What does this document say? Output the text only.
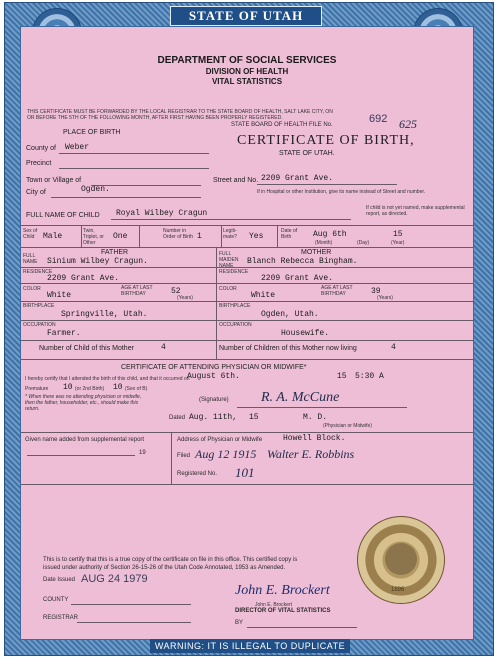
STATE OF UTAH
DEPARTMENT OF SOCIAL SERVICES
DIVISION OF HEALTH
VITAL STATISTICS
THIS CERTIFICATE MUST BE FORWARDED BY THE LOCAL REGISTRAR TO THE STATE BOARD OF HEALTH, SALT LAKE CITY, ON
OR BEFORE THE 5TH OF THE FOLLOWING MONTH, AFTER FIRST HAVING BEEN PROPERLY REGISTERED.
STATE BOARD OF HEALTH FILE No.	692 625
CERTIFICATE OF BIRTH,
STATE OF UTAH.
PLACE OF BIRTH
County of Weber
Precinct
Town or Village of
City of	Ogden.
Street and No. 2209 Grant Ave.
If in Hospital or other Institution, give its name instead of Street and number.
FULL NAME OF CHILD Royal Wilbey Cragun
If child is not yet named, make supplemental report, as directed.
Sex of Child	Male
Twin, Triplet, or Other
One
Number in Order of Birth 1
Legiti- mate?	Yes
Date of Birth	Aug 6th	15
(Month)	(Day)	(Year)
FATHER
FULL NAME	Sinium Wilbey Cragun.
RESIDENCE
2209 Grant Ave.
COLOR
White
AGE AT LAST BIRTHDAY	52
(Years)
BIRTHPLACE
Springville, Utah.
OCCUPATION
Farmer.
MOTHER
FULL MAIDEN NAME	Blanch Rebecca Bingham.
RESIDENCE
2209 Grant Ave.
COLOR
White
AGE AT LAST BIRTHDAY	39
(Years)
BIRTHPLACE
Ogden, Utah.
OCCUPATION
Housewife.
Number of Child of this Mother	4	Number of Children of this Mother now living	4
CERTIFICATE OF ATTENDING PHYSICIAN OR MIDWIFE*
I hereby certify that I attended the birth of this child, and that it occurred on
August 6th.	15 5:30 A
Premature 10 (or 2nd Birth) 10 (Sex of B)
* When there was no attending physician or midwife, then the father, householder, etc., should make this return.
(Signature) R. A. McCune
Dated Aug. 11th, 15	M. D.
(Physician or Midwife)
Given name added from supplemental report
19
Address of Physician or Midwife	Howell Block.
Filed Aug 12 1915 Walter E. Robbins
Registered No. 101
This is to certify that this is a true copy of the certificate on file in this office. This certified copy is
issued under authority of Section 26-15-26 of the Utah Code Annotated, 1953 as Amended.
Date Issued AUG 24 1979
COUNTY
REGISTRAR
John E. Brockert
John E. Brockert
DIRECTOR OF VITAL STATISTICS
BY
1896
WARNING: IT IS ILLEGAL TO DUPLICATE THIS COPY
